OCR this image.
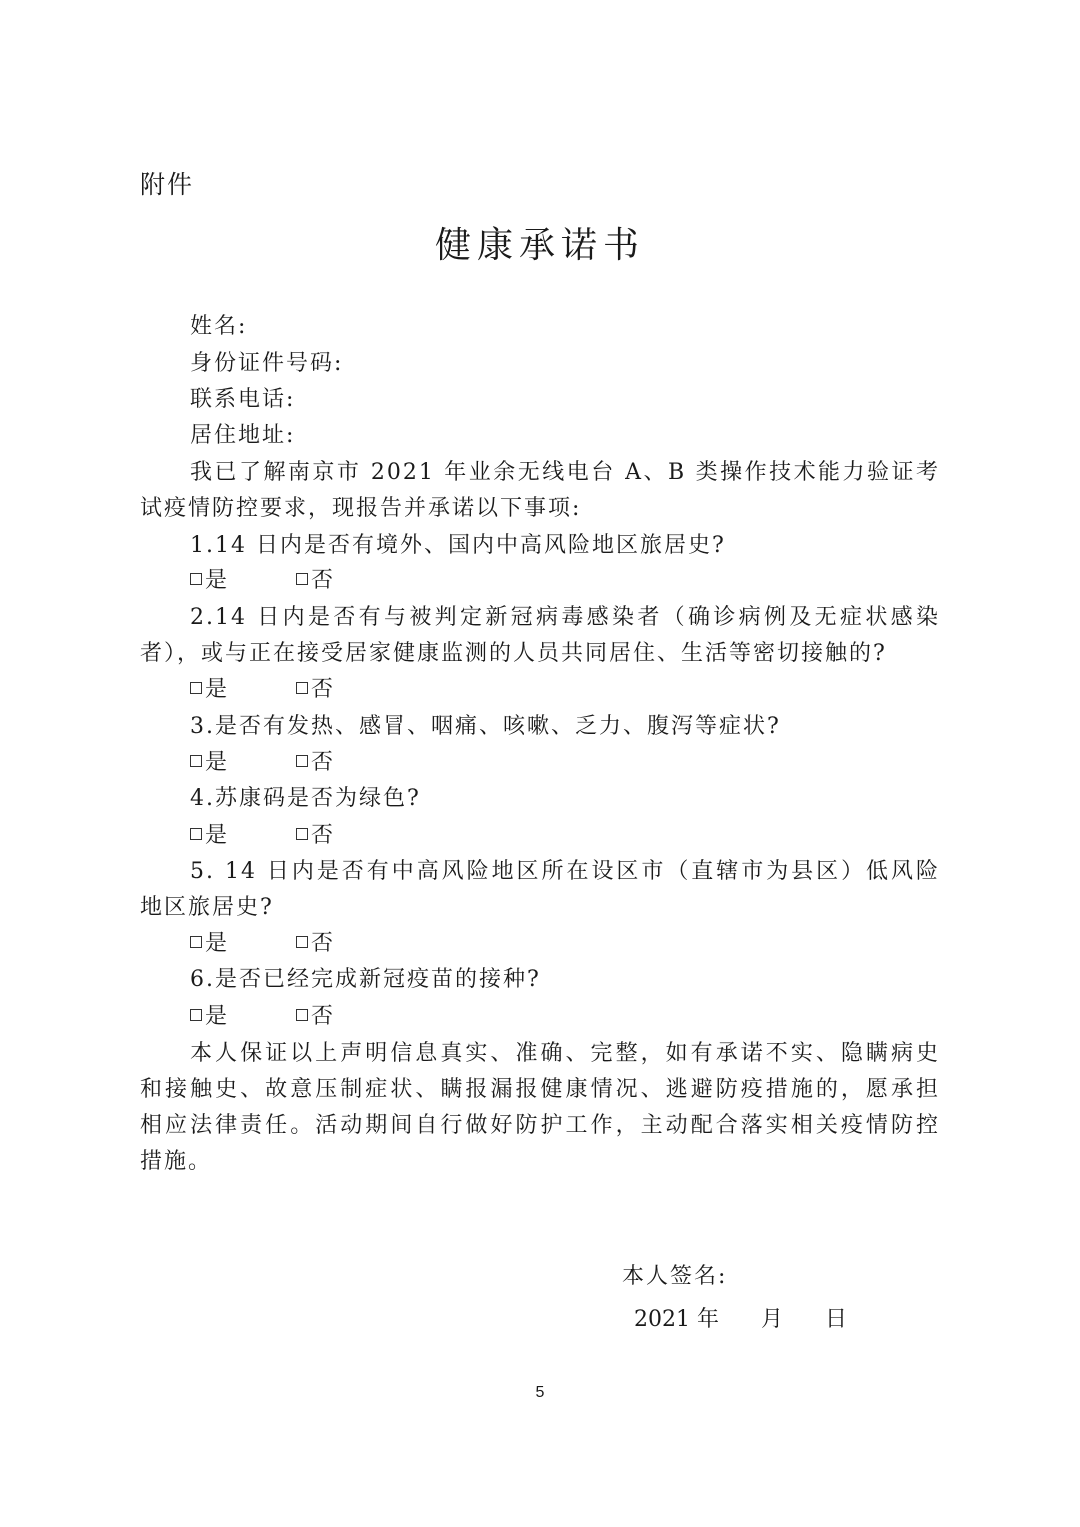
附件
健康承诺书
姓名:
身份证件号码:
联系电话:
居住地址:
我已了解南京市 2021 年业余无线电台 A、B 类操作技术能力验证考
试疫情防控要求，现报告并承诺以下事项:
1.14 日内是否有境外、国内中高风险地区旅居史?
是	否
2.14 日内是否有与被判定新冠病毒感染者（确诊病例及无症状感染
者），或与正在接受居家健康监测的人员共同居住、生活等密切接触的?
是	否
3.是否有发热、感冒、咽痛、咳嗽、乏力、腹泻等症状?
是	否
4.苏康码是否为绿色?
是	否
5. 14 日内是否有中高风险地区所在设区市（直辖市为县区）低风险
地区旅居史?
是	否
6.是否已经完成新冠疫苗的接种?
是	否
本人保证以上声明信息真实、准确、完整，如有承诺不实、隐瞒病史
和接触史、故意压制症状、瞒报漏报健康情况、逃避防疫措施的，愿承担
相应法律责任。活动期间自行做好防护工作，主动配合落实相关疫情防控
措施。
本人签名:
2021 年 月 日
5
